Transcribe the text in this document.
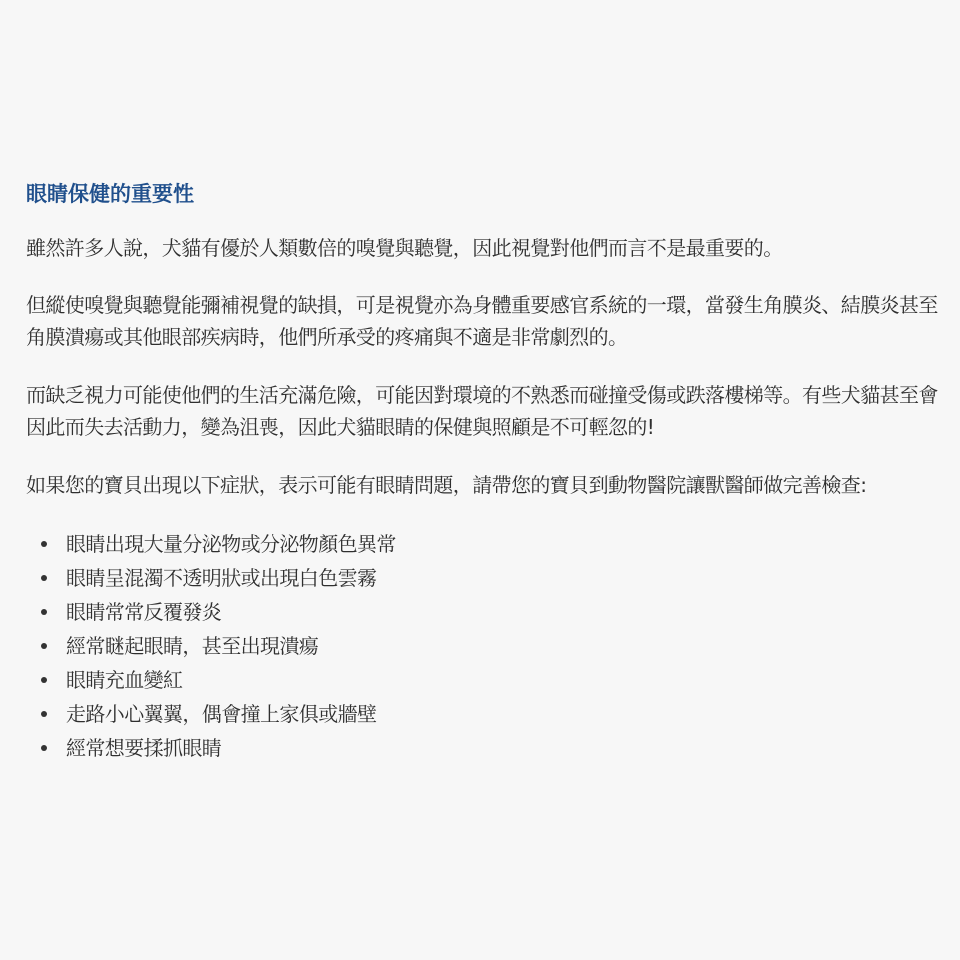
眼睛保健的重要性

雖然許多人說，犬貓有優於人類數倍的嗅覺與聽覺，因此視覺對他們而言不是最重要的。

但縱使嗅覺與聽覺能彌補視覺的缺損，可是視覺亦為身體重要感官系統的一環，當發生角膜炎、結膜炎甚至角膜潰瘍或其他眼部疾病時，他們所承受的疼痛與不適是非常劇烈的。

而缺乏視力可能使他們的生活充滿危險，可能因對環境的不熟悉而碰撞受傷或跌落樓梯等。有些犬貓甚至會因此而失去活動力，變為沮喪，因此犬貓眼睛的保健與照顧是不可輕忽的!

如果您的寶貝出現以下症狀，表示可能有眼睛問題，請帶您的寶貝到動物醫院讓獸醫師做完善檢查:

眼睛出現大量分泌物或分泌物顏色異常
眼睛呈混濁不透明狀或出現白色雲霧
眼睛常常反覆發炎
經常瞇起眼睛，甚至出現潰瘍
眼睛充血變紅
走路小心翼翼，偶會撞上家俱或牆壁
經常想要揉抓眼睛
